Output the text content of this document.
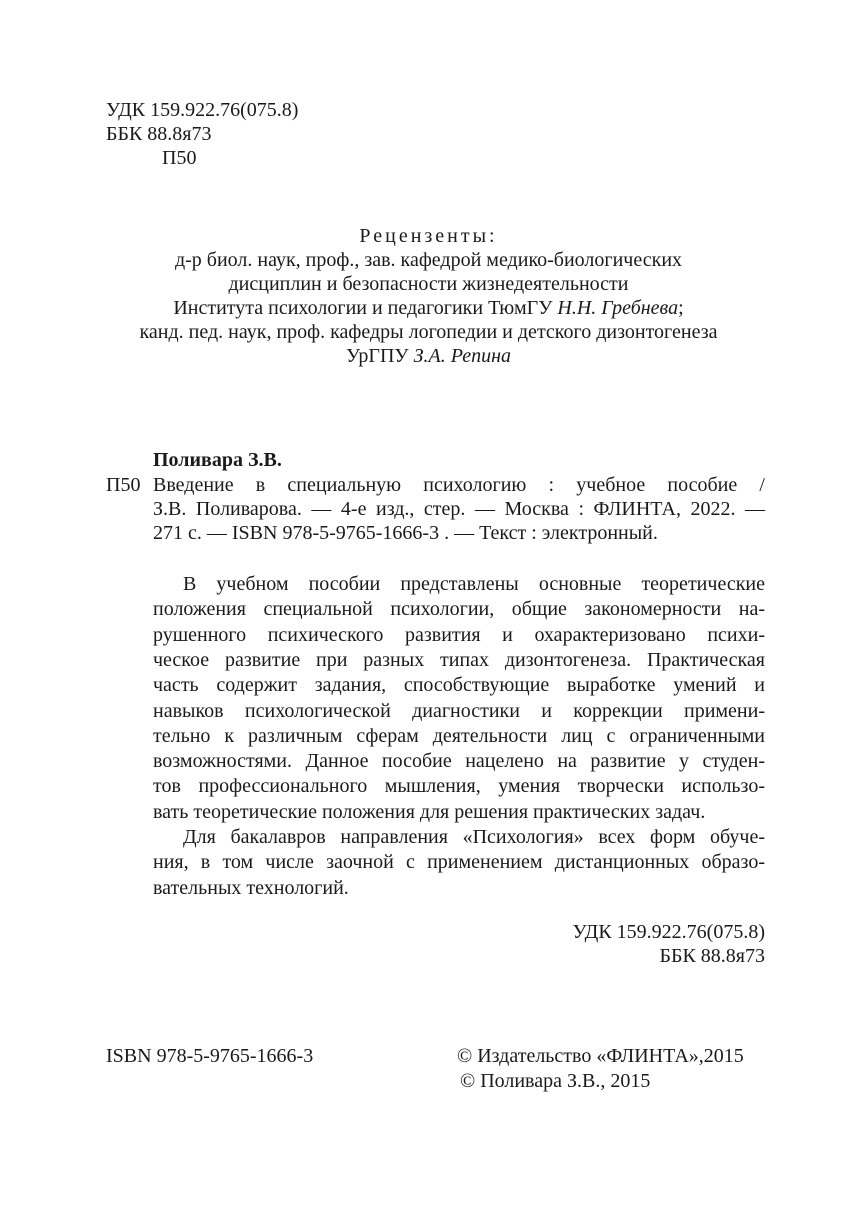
УДК 159.922.76(075.8)

ББК 88.8я73

П50

Рецензенты:

д-р биол. наук, проф., зав. кафедрой медико-биологических

дисциплин и безопасности жизнедеятельности

Института психологии и педагогики ТюмГУ Н.Н. Гребнева;

канд. пед. наук, проф. кафедры логопедии и детского дизонтогенеза

УрГПУ З.А. Репина

Поливара З.В.

П50 Введение в специальную психологию : учебное пособие /

З.В. Поливарова. — 4-е изд., стер. — Москва : ФЛИНТА, 2022. —

271 с. — ISBN 978-5-9765-1666-3 . — Текст : электронный.

В учебном пособии представлены основные теоретические

положения специальной психологии, общие закономерности на-

рушенного психического развития и охарактеризовано психи-

ческое развитие при разных типах дизонтогенеза. Практическая

часть содержит задания, способствующие выработке умений и

навыков психологической диагностики и коррекции примени-

тельно к различным сферам деятельности лиц с ограниченными

возможностями. Данное пособие нацелено на развитие у студен-

тов профессионального мышления, умения творчески использо-

вать теоретические положения для решения практических задач.

Для бакалавров направления «Психология» всех форм обуче-

ния, в том числе заочной с применением дистанционных образо-

вательных технологий.

УДК 159.922.76(075.8)

ББК 88.8я73

ISBN 978-5-9765-1666-3	© Издательство «ФЛИНТА»,2015

© Поливара З.В., 2015
